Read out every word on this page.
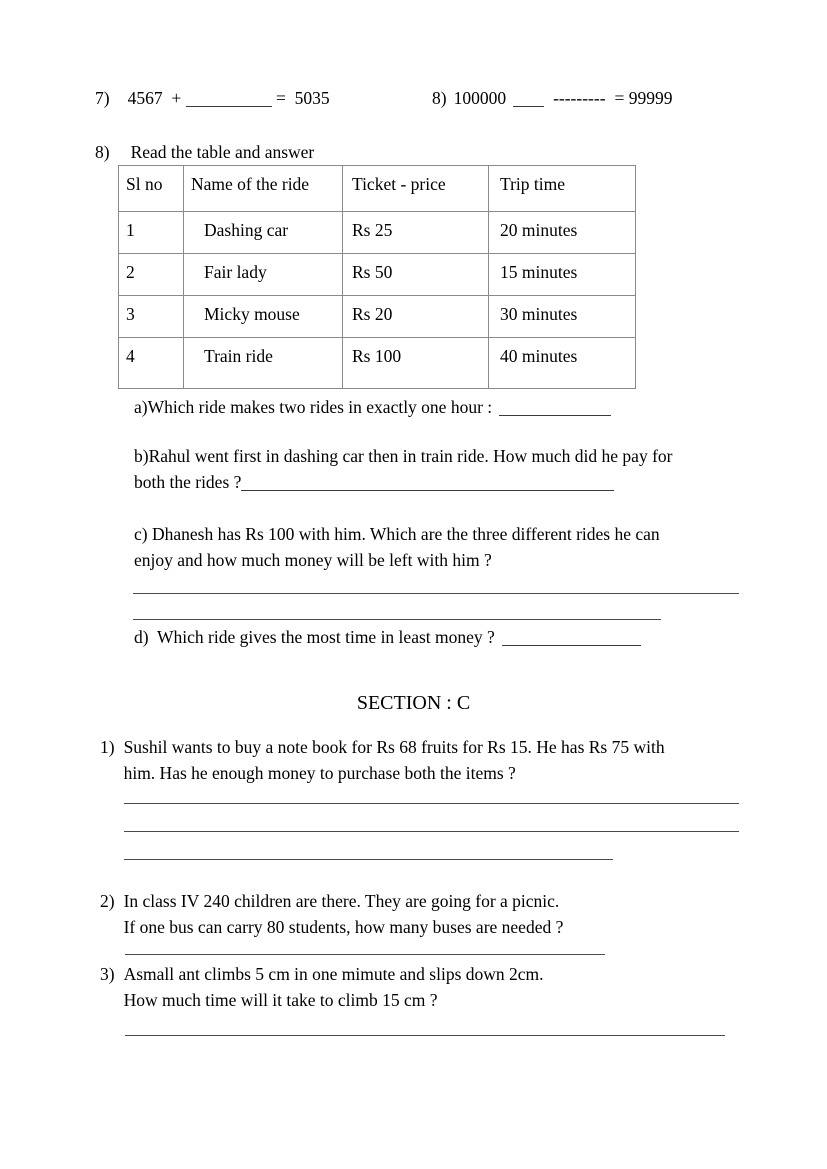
7) 4567  +	=  5035	8) 100000	--------- = 99999
8) Read the table and answer
Sl no	Name of the ride	Ticket - price	Trip time

1	Dashing car	Rs 25	20 minutes

2	Fair lady	Rs 50	15 minutes

3	Micky mouse	Rs 20	30 minutes

4	Train ride	Rs 100	40 minutes
a)Which ride makes two rides in exactly one hour :
b)Rahul went first in dashing car then in train ride. How much did he pay for
both the rides ?
c) Dhanesh has Rs 100 with him. Which are the three different rides he can
enjoy and how much money will be left with him ?
d)  Which ride gives the most time in least money ?
SECTION : C
1) Sushil wants to buy a note book for Rs 68 fruits for Rs 15. He has Rs 75 with
him. Has he enough money to purchase both the items ?
2) In class IV 240 children are there. They are going for a picnic.
If one bus can carry 80 students, how many buses are needed ?
3) Asmall ant climbs 5 cm in one mimute and slips down 2cm.
How much time will it take to climb 15 cm ?
